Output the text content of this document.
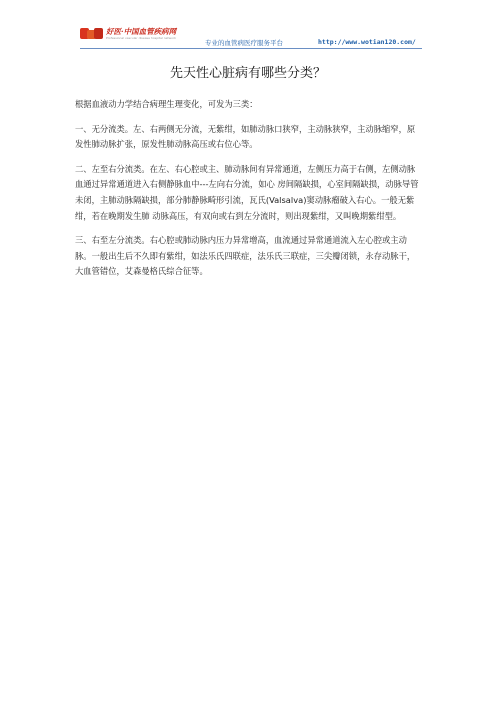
好医·中国血管疾病网
Professional vascular disease hospital network
专业的血管病医疗服务平台	http://www.wotian120.com/
先天性心脏病有哪些分类？

根据血液动力学结合病理生理变化，可发为三类：

一、无分流类。左、右两侧无分流，无紫绀，如肺动脉口狭窄，主动脉狭窄，主动脉缩窄，原发性肺动脉扩张，原发性肺动脉高压或右位心等。

二、左至右分流类。在左、右心腔或主、肺动脉间有异常通道，左侧压力高于右侧，左侧动脉血通过异常通道进入右侧静脉血中---左向右分流，如心 房间隔缺损，心室间隔缺损，动脉导管未闭，主肺动脉隔缺损，部分肺静脉畸形引流，瓦氏(Valsalva)窦动脉瘤破入右心。一般无紫绀，若在晚期发生肺 动脉高压，有双向或右到左分流时，则出现紫绀，又叫晚期紫绀型。

三、右至左分流类。右心腔或肺动脉内压力异常增高，血流通过异常通道流入左心腔或主动脉。一般出生后不久即有紫绀，如法乐氏四联症，法乐氏三联症，三尖瓣闭锁，永存动脉干，大血管错位，艾森曼格氏综合征等。
